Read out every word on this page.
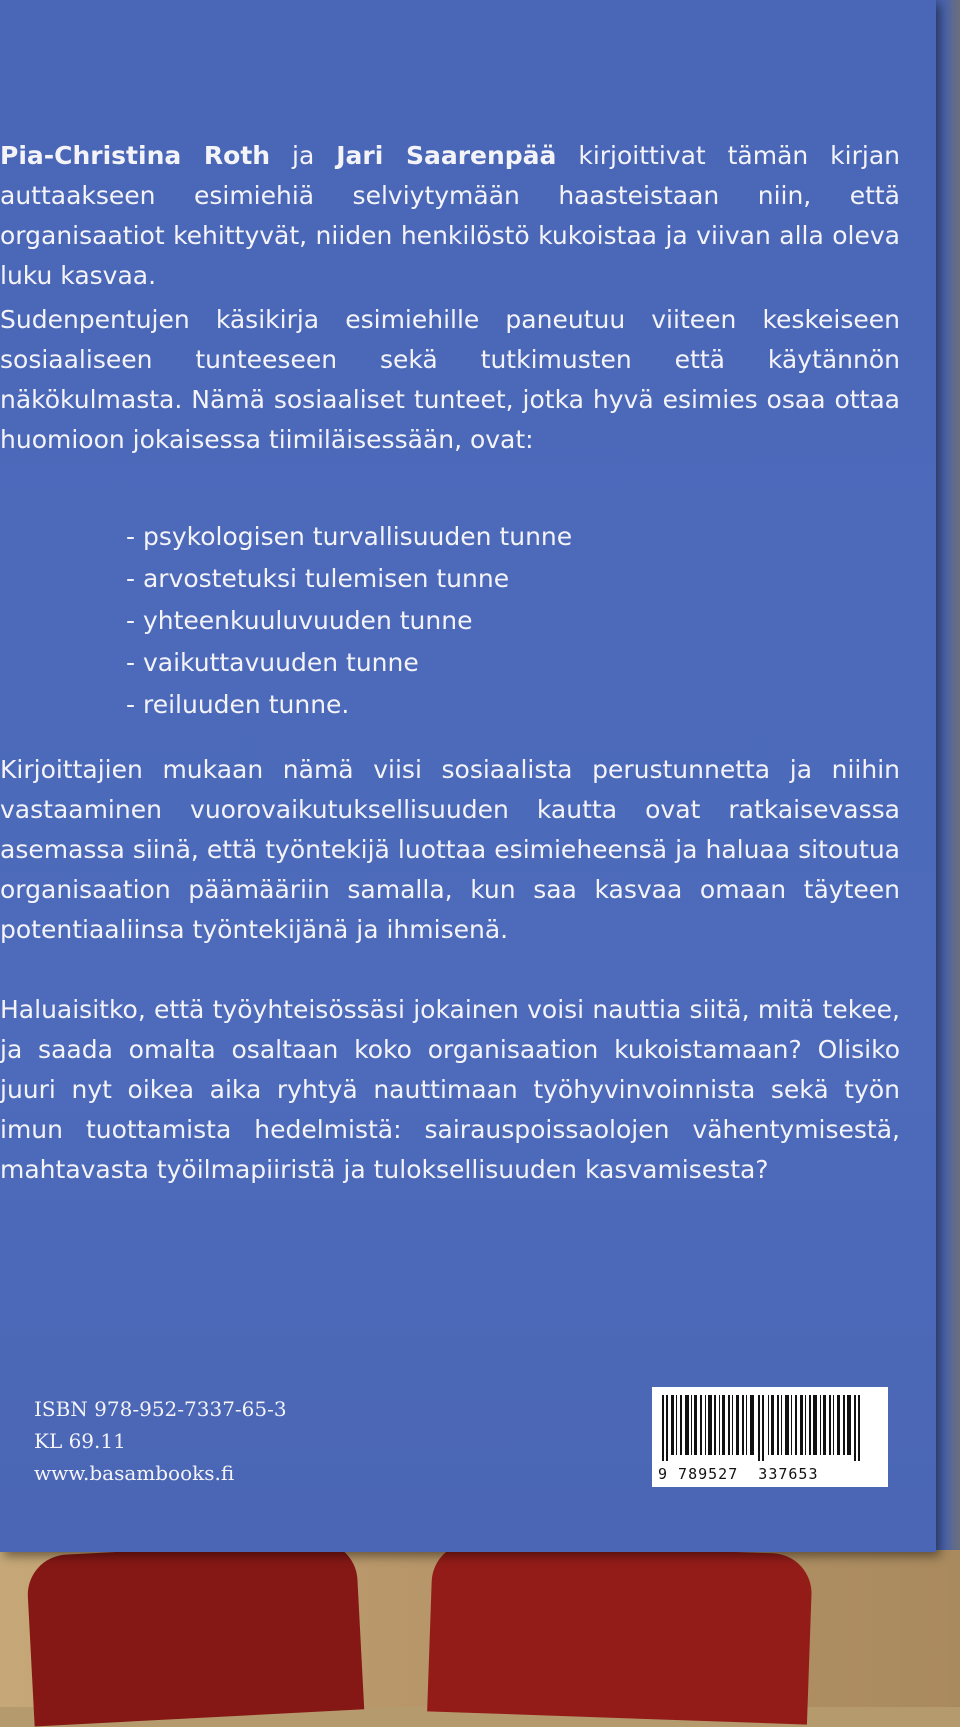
Pia-Christina Roth ja Jari Saarenpää kirjoittivat tämän kirjan auttaakseen esimiehiä selviytymään haasteistaan niin, että organisaatiot kehittyvät, niiden henkilöstö kukoistaa ja viivan alla oleva luku kasvaa.
Sudenpentujen käsikirja esimiehille paneutuu viiteen keskeiseen sosiaaliseen tunteeseen sekä tutkimusten että käytännön näkökulmasta. Nämä sosiaaliset tunteet, jotka hyvä esimies osaa ottaa huomioon jokaisessa tiimiläisessään, ovat:
- psykologisen turvallisuuden tunne
- arvostetuksi tulemisen tunne
- yhteenkuuluvuuden tunne
- vaikuttavuuden tunne
- reiluuden tunne.
Kirjoittajien mukaan nämä viisi sosiaalista perustunnetta ja niihin vastaaminen vuorovaikutuksellisuuden kautta ovat ratkaisevassa asemassa siinä, että työntekijä luottaa esimieheensä ja haluaa sitoutua organisaation päämääriin samalla, kun saa kasvaa omaan täyteen potentiaaliinsa työntekijänä ja ihmisenä.
Haluaisitko, että työyhteisössäsi jokainen voisi nauttia siitä, mitä tekee, ja saada omalta osaltaan koko organisaation kukoistamaan? Olisiko juuri nyt oikea aika ryhtyä nauttimaan työhyvinvoinnista sekä työn imun tuottamista hedelmistä: sairauspoissaolojen vähentymisestä, mahtavasta työilmapiiristä ja tuloksellisuuden kasvamisesta?
ISBN 978-952-7337-65-3
KL 69.11
www.basambooks.fi	9 789527  337653
